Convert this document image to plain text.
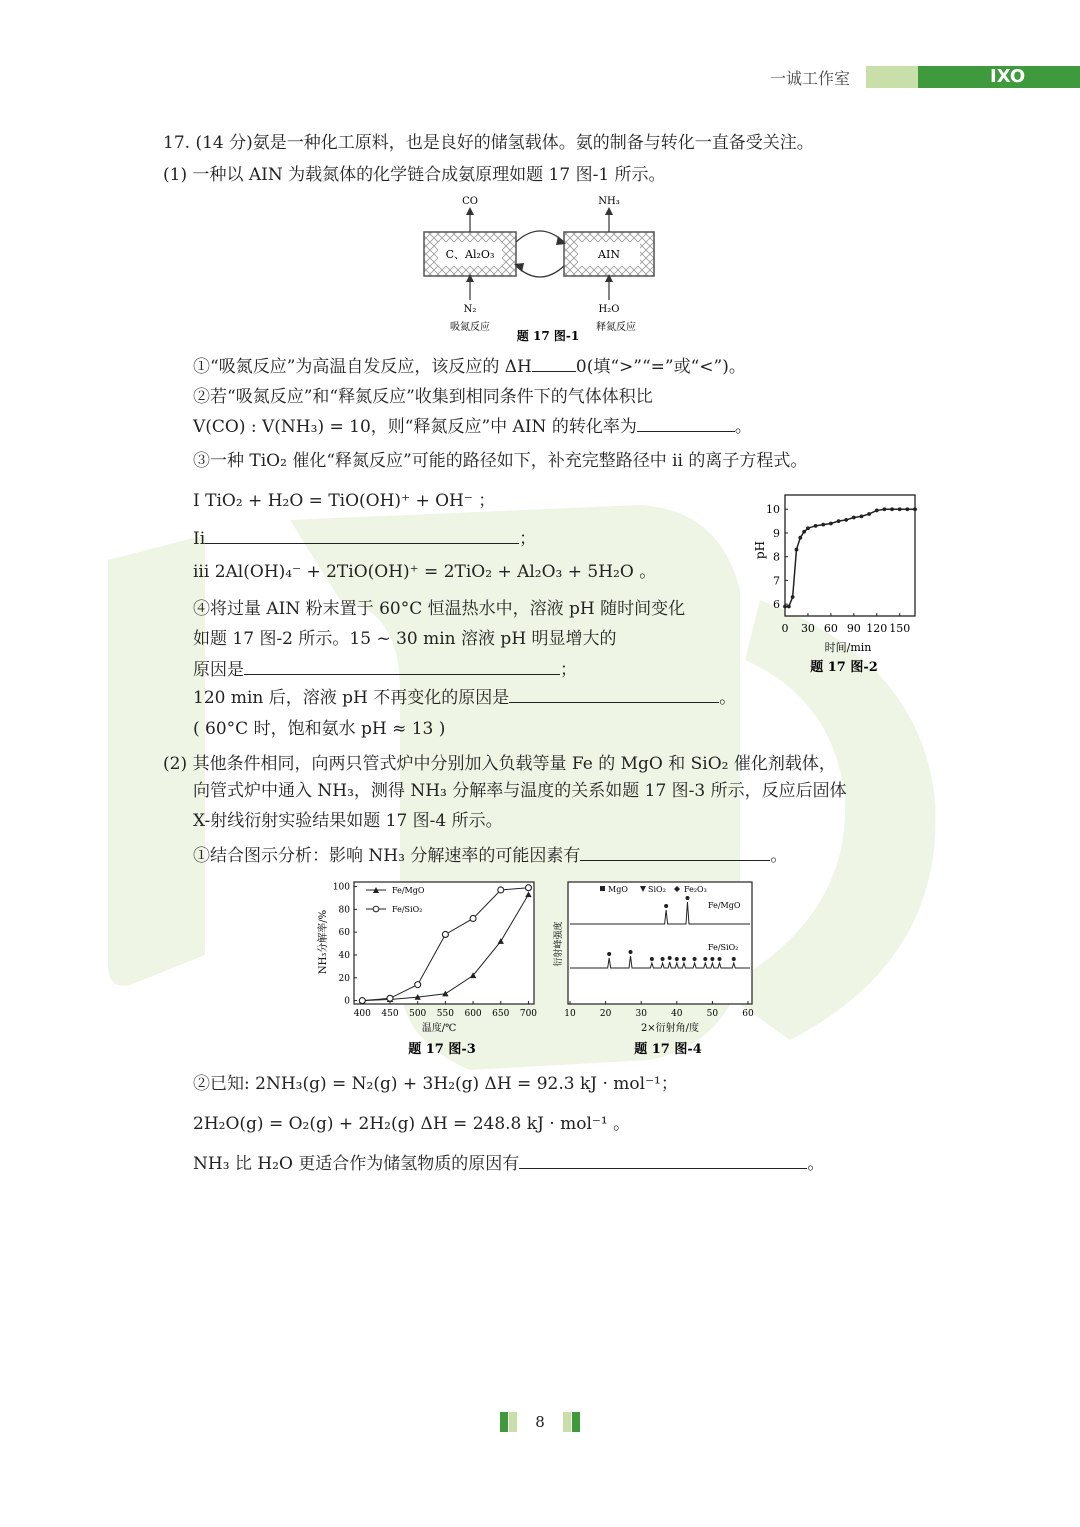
一诚工作室	IXO
17. (14 分)氨是一种化工原料，也是良好的储氢载体。氨的制备与转化一直备受关注。
(1) 一种以 AIN 为载氮体的化学链合成氨原理如题 17 图-1 所示。
C、Al₂O₃	AIN
CO	NH₃
N₂	H₂O
吸氮反应	释氮反应
题 17 图-1
①“吸氮反应”为高温自发反应，该反应的 ΔH	0(填“>”“=”或“<”)。
②若“吸氮反应”和“释氮反应”收集到相同条件下的气体体积比
V(CO) : V(NH₃) = 10，则“释氮反应”中 AIN 的转化率为	。
③一种 TiO₂ 催化“释氮反应”可能的路径如下，补充完整路径中 ii 的离子方程式。
I TiO₂ + H₂O = TiO(OH)⁺ + OH⁻ ；
Ii	；
iii 2Al(OH)₄⁻ + 2TiO(OH)⁺ = 2TiO₂ + Al₂O₃ + 5H₂O 。
④将过量 AIN 粉末置于 60°C 恒温热水中，溶液 pH 随时间变化
如题 17 图-2 所示。15 ~ 30 min 溶液 pH 明显增大的
原因是	；
120 min 后，溶液 pH 不再变化的原因是	。
( 60°C 时，饱和氨水 pH ≈ 13 )
pH
时间/min
题 17 图-2
0 30 60 90 120 150
6
7
8
9
10
(2) 其他条件相同，向两只管式炉中分别加入负载等量 Fe 的 MgO 和 SiO₂ 催化剂载体，
向管式炉中通入 NH₃，测得 NH₃ 分解率与温度的关系如题 17 图-3 所示，反应后固体
X-射线衍射实验结果如题 17 图-4 所示。
①结合图示分析：影响 NH₃ 分解速率的可能因素有	。
NH₃分解率/%
温度/℃
题 17 图-3
Fe/MgO
Fe/SiO₂
400 450 500 550 600 650 700
0
20
40
60
80
100
衍射峰强度
2×衍射角/度
题 17 图-4
MgO	SiO₂ Fe₂O₃
Fe/MgO
Fe/SiO₂
10	20	30	40	50	60
②已知: 2NH₃(g) = N₂(g) + 3H₂(g) ΔH = 92.3 kJ · mol⁻¹；
2H₂O(g) = O₂(g) + 2H₂(g) ΔH = 248.8 kJ · mol⁻¹ 。
NH₃ 比 H₂O 更适合作为储氢物质的原因有	。
8
